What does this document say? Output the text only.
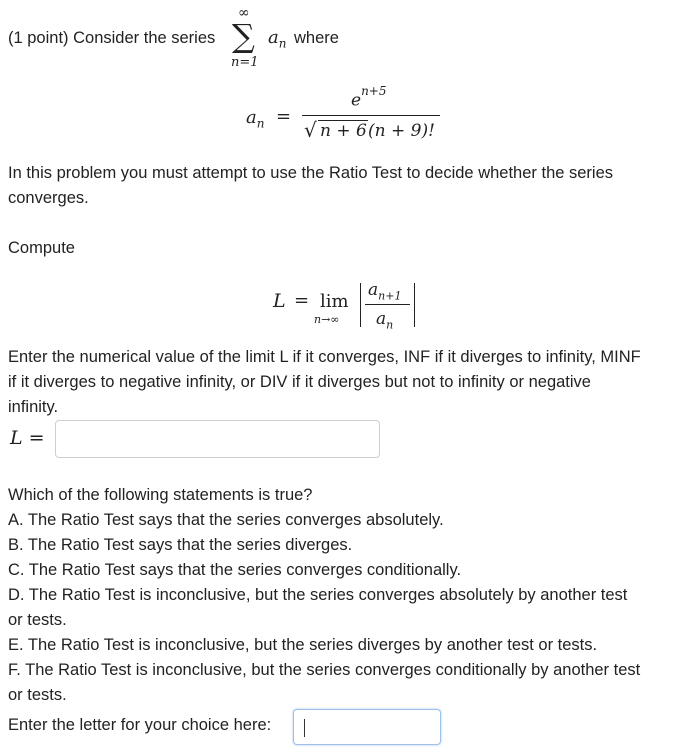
(1 point) Consider the series ∑
∞
n=1
$a_n$ where
$a_n$ =
$e^{n+5}$
√ n + 6 (n + 9)!
In this problem you must attempt to use the Ratio Test to decide whether the series
converges.
Compute
L = lim
n→∞
$a_{n+1}$
$a_n$
Enter the numerical value of the limit L if it converges, INF if it diverges to infinity, MINF
if it diverges to negative infinity, or DIV if it diverges but not to infinity or negative
infinity.
L =
Which of the following statements is true?
A. The Ratio Test says that the series converges absolutely.
B. The Ratio Test says that the series diverges.
C. The Ratio Test says that the series converges conditionally.
D. The Ratio Test is inconclusive, but the series converges absolutely by another test
or tests.
E. The Ratio Test is inconclusive, but the series diverges by another test or tests.
F. The Ratio Test is inconclusive, but the series converges conditionally by another test
or tests.
Enter the letter for your choice here:
